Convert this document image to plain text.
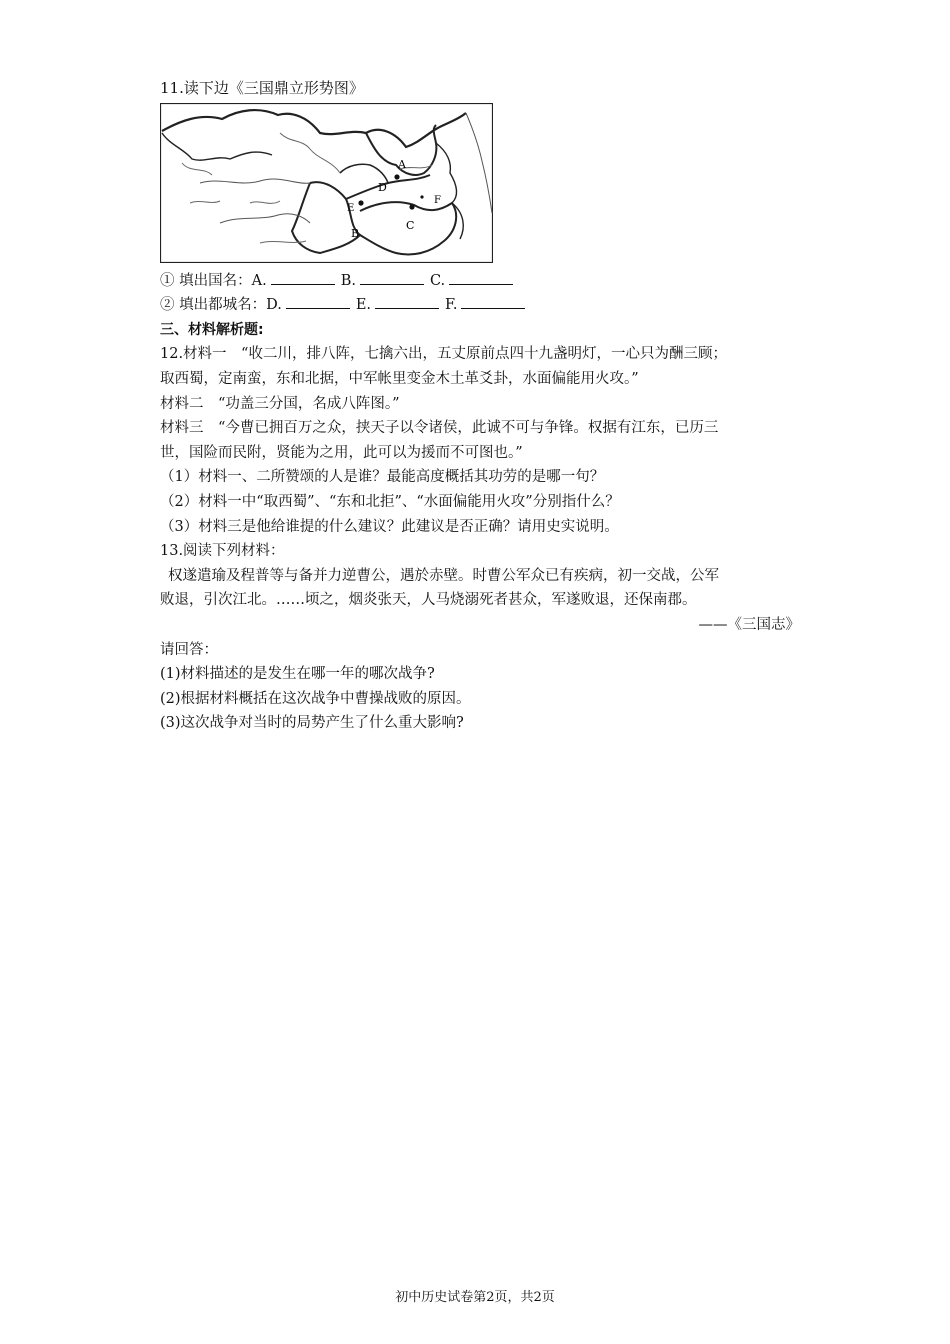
11.读下边《三国鼎立形势图》

A
D
E
B
C
F

① 填出国名：A.	B.	C.

② 填出都城名：D.	E.	F.

三、材料解析题:

12.材料一　“收二川，排八阵，七擒六出，五丈原前点四十九盏明灯，一心只为酬三顾；

取西蜀，定南蛮，东和北据，中军帐里变金木土革爻卦，水面偏能用火攻。”

材料二　“功盖三分国，名成八阵图。”

材料三　“今曹已拥百万之众，挟天子以令诸侯，此诚不可与争锋。权据有江东，已历三

世，国险而民附，贤能为之用，此可以为援而不可图也。”

（1）材料一、二所赞颂的人是谁？最能高度概括其功劳的是哪一句？

（2）材料一中“取西蜀”、“东和北拒”、“水面偏能用火攻”分别指什么？

（3）材料三是他给谁提的什么建议？此建议是否正确？请用史实说明。

13.阅读下列材料：

权遂遣瑜及程普等与备并力逆曹公，遇於赤壁。时曹公军众已有疾病，初一交战，公军

败退，引次江北。……顷之，烟炎张天，人马烧溺死者甚众，军遂败退，还保南郡。

——《三国志》

请回答：

(1)材料描述的是发生在哪一年的哪次战争?

(2)根据材料概括在这次战争中曹操战败的原因。

(3)这次战争对当时的局势产生了什么重大影响?

初中历史试卷第2页，共2页
